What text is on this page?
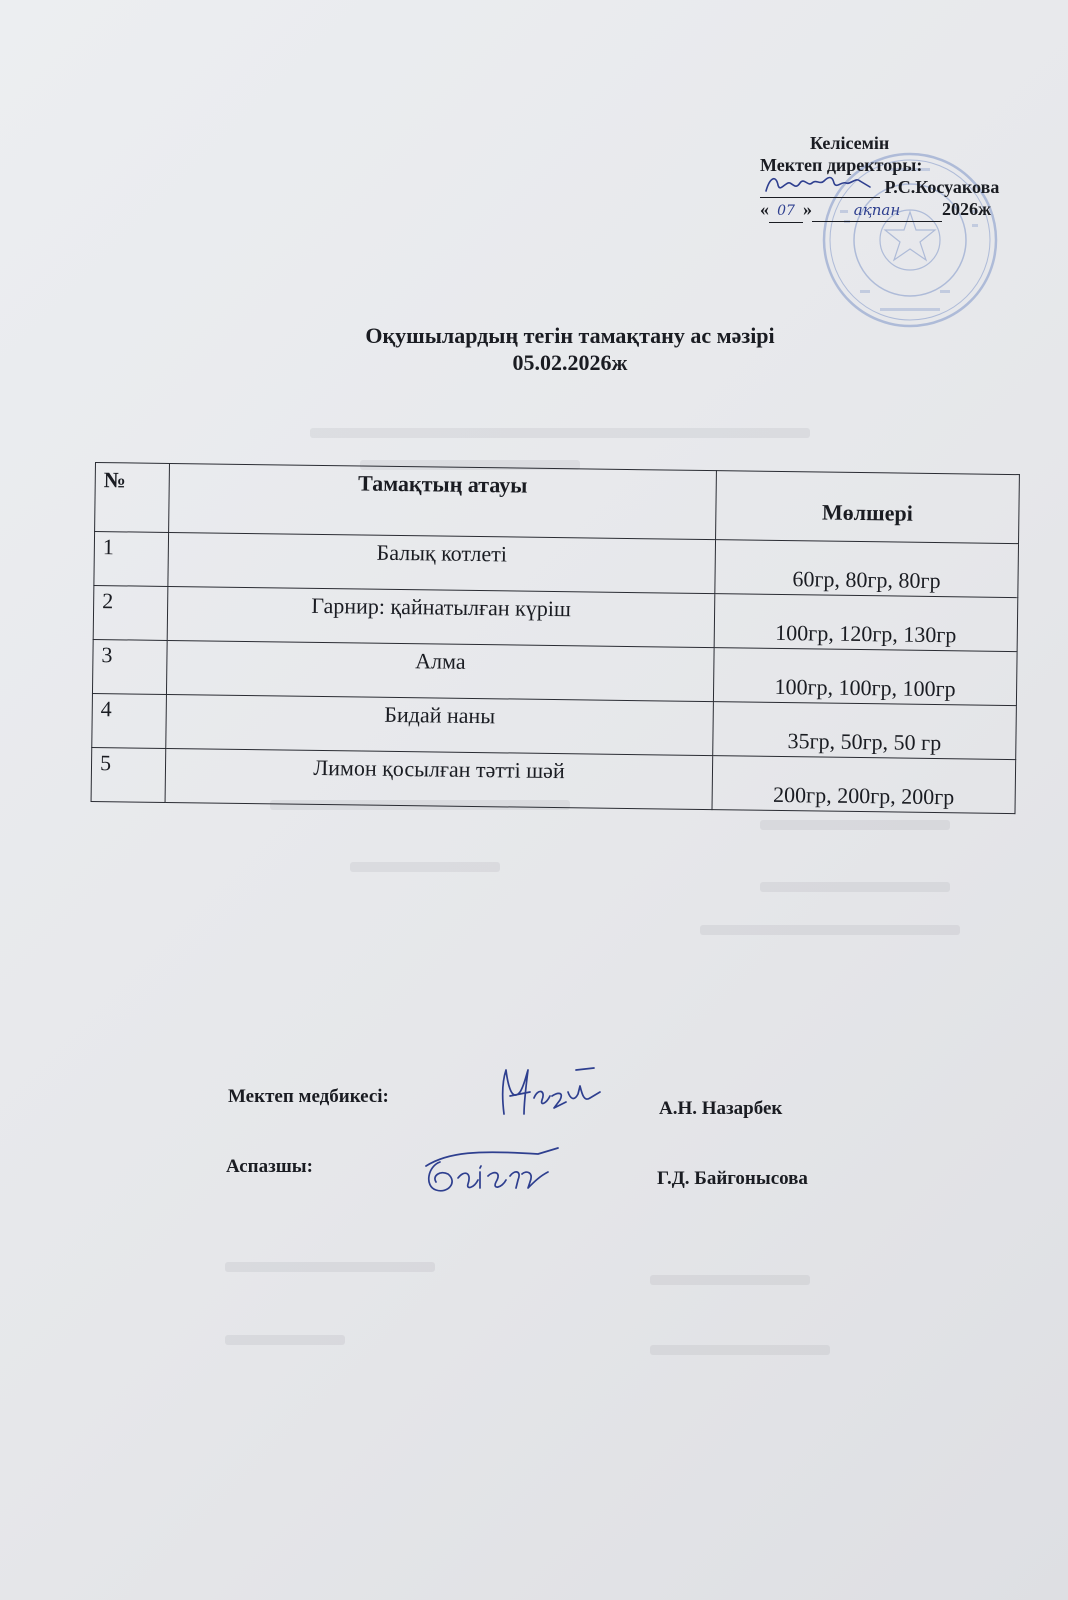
Келісемін
Мектеп директоры:
Р.С.Косуакова
« 07 »	ақпан 2026ж
Оқушылардың тегін тамақтану ас мәзірі
05.02.2026ж
№	Тамақтың атауы	Мөлшері
1	Балық котлеті	60гр, 80гр, 80гр
2	Гарнир: қайнатылған күріш	100гр, 120гр, 130гр
3	Алма	100гр, 100гр, 100гр
4	Бидай наны	35гр, 50гр, 50 гр
5	Лимон қосылған тәтті шәй	200гр, 200гр, 200гр
Мектеп медбикесі:
А.Н. Назарбек
Аспазшы:
Г.Д. Байгонысова
